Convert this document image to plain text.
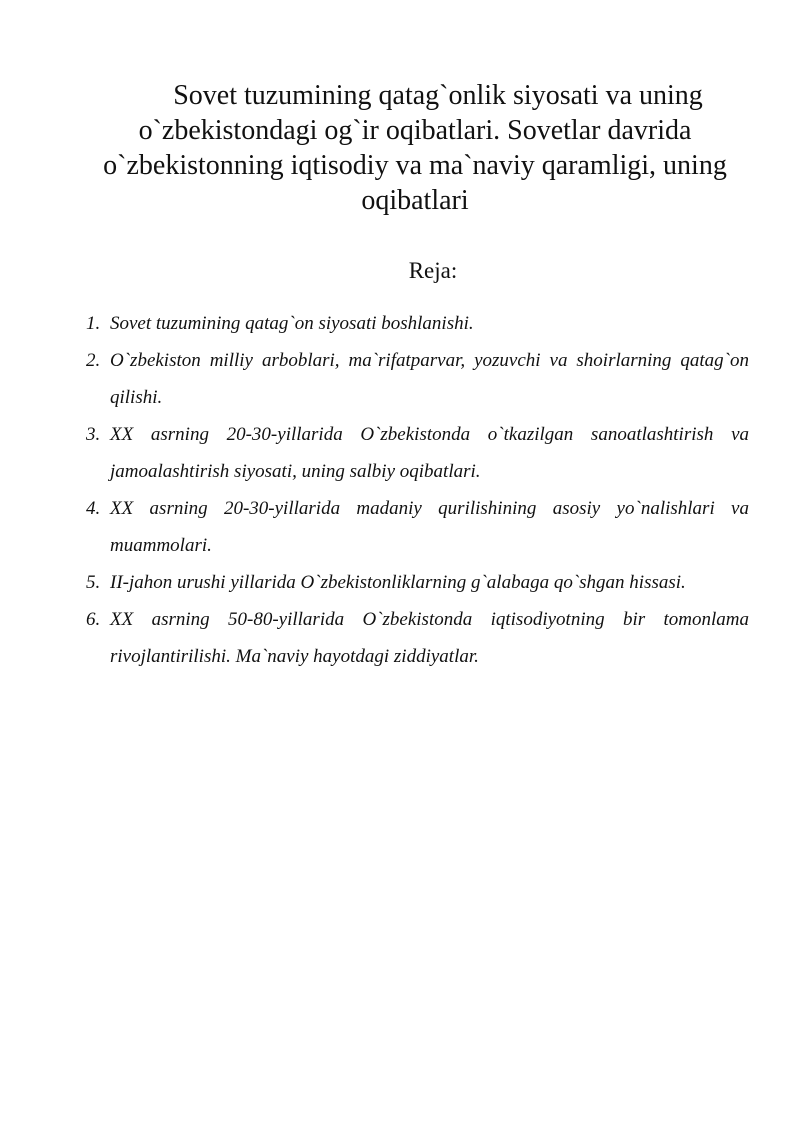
Sovet tuzumining qatag`onlik siyosati va uning o`zbekistondagi og`ir oqibatlari. Sovetlar davrida o`zbekistonning iqtisodiy va ma`naviy qaramligi, uning oqibatlari
Reja:
1. Sovet tuzumining qatag`on siyosati boshlanishi.
2. O`zbekiston milliy arboblari, ma`rifatparvar, yozuvchi va shoirlarning qatag`on qilishi.
3. XX asrning 20-30-yillarida O`zbekistonda o`tkazilgan sanoatlashtirish va jamoalashtirish siyosati, uning salbiy oqibatlari.
4. XX asrning 20-30-yillarida madaniy qurilishining asosiy yo`nalishlari va muammolari.
5. II-jahon urushi yillarida O`zbekistonliklarning g`alabaga qo`shgan hissasi.
6. XX asrning 50-80-yillarida O`zbekistonda iqtisodiyotning bir tomonlama rivojlantirilishi. Ma`naviy hayotdagi ziddiyatlar.
